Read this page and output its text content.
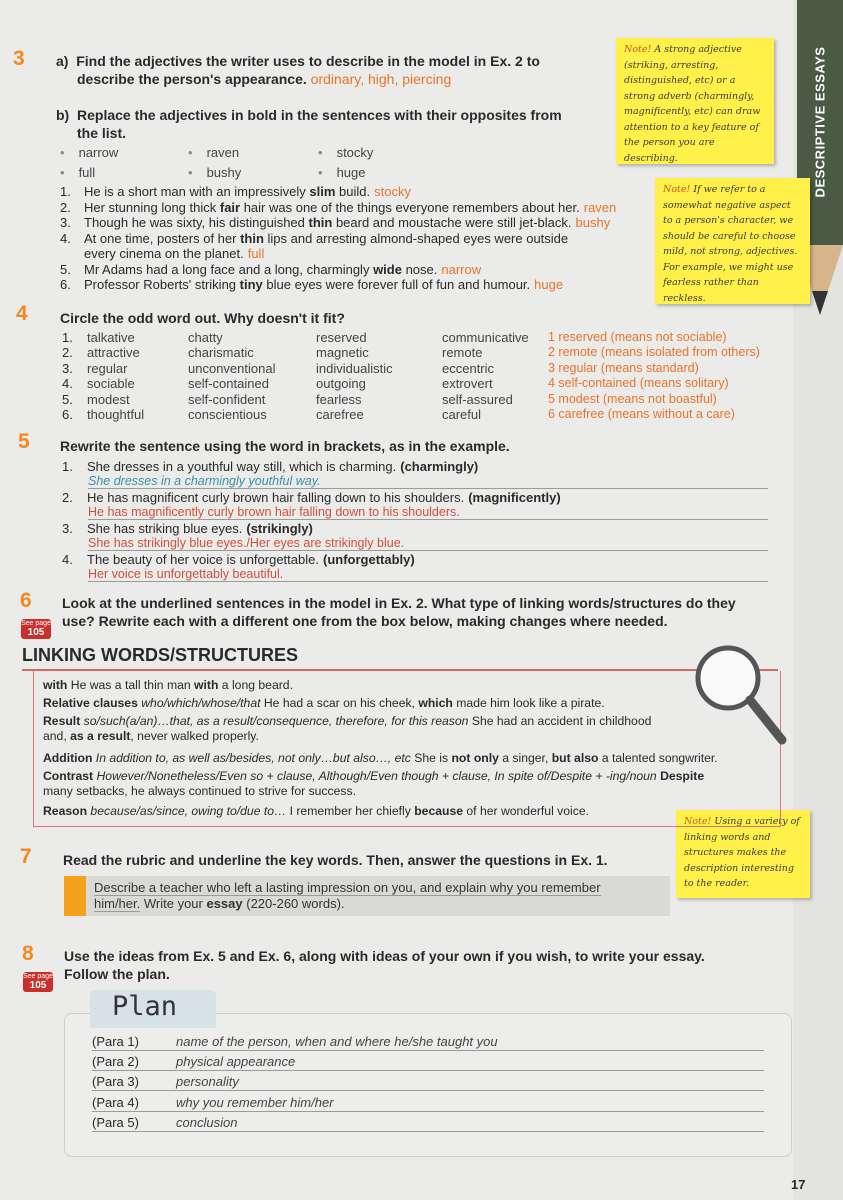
DESCRIPTIVE ESSAYS
Note! A strong adjective (striking, arresting, distinguished, etc) or a strong adverb (charmingly, magnificently, etc) can draw attention to a key feature of the person you are describing.
Note! If we refer to a somewhat negative aspect to a person's character, we should be careful to choose mild, not strong, adjectives. For example, we might use fearless rather than reckless.
Note! Using a variety of linking words and structures makes the description interesting to the reader.
3 a) Find the adjectives the writer uses to describe in the model in Ex. 2 to
describe the person's appearance. ordinary, high, piercing
b) Replace the adjectives in bold in the sentences with their opposites from
the list.
• narrow	• raven	• stocky
• full	• bushy	• huge
1. He is a short man with an impressively slim build. stocky
2. Her stunning long thick fair hair was one of the things everyone remembers about her. raven
3. Though he was sixty, his distinguished thin beard and moustache were still jet-black. bushy
4. At one time, posters of her thin lips and arresting almond-shaped eyes were outside
every cinema on the planet. full
5. Mr Adams had a long face and a long, charmingly wide nose. narrow
6. Professor Roberts' striking tiny blue eyes were forever full of fun and humour. huge
4 Circle the odd word out. Why doesn't it fit?
1. talkative	chatty	reserved	communicative 1 reserved (means not sociable)
2. attractive	charismatic	magnetic	remote	2 remote (means isolated from others)
3. regular	unconventional	individualistic	eccentric	3 regular (means standard)
4. sociable	self-contained	outgoing	extrovert	4 self-contained (means solitary)
5. modest	self-confident	fearless	self-assured	5 modest (means not boastful)
6. thoughtful	conscientious	carefree	careful	6 carefree (means without a care)
5 Rewrite the sentence using the word in brackets, as in the example.
1. She dresses in a youthful way still, which is charming. (charmingly)
She dresses in a charmingly youthful way.
2. He has magnificent curly brown hair falling down to his shoulders. (magnificently)
He has magnificently curly brown hair falling down to his shoulders.
3. She has striking blue eyes. (strikingly)
She has strikingly blue eyes./Her eyes are strikingly blue.
4. The beauty of her voice is unforgettable. (unforgettably)
Her voice is unforgettably beautiful.
6
See page
105
Look at the underlined sentences in the model in Ex. 2. What type of linking words/structures do they
use? Rewrite each with a different one from the box below, making changes where needed.
LINKING WORDS/STRUCTURES
with He was a tall thin man with a long beard.
Relative clauses who/which/whose/that He had a scar on his cheek, which made him look like a pirate.
Result so/such(a/an)…that, as a result/consequence, therefore, for this reason She had an accident in childhood
and, as a result, never walked properly.
Addition In addition to, as well as/besides, not only…but also…, etc She is not only a singer, but also a talented songwriter.
Contrast However/Nonetheless/Even so + clause, Although/Even though + clause, In spite of/Despite + -ing/noun Despite
many setbacks, he always continued to strive for success.
Reason because/as/since, owing to/due to… I remember her chiefly because of her wonderful voice.
7 Read the rubric and underline the key words. Then, answer the questions in Ex. 1.
Describe a teacher who left a lasting impression on you, and explain why you remember
him/her. Write your essay (220-260 words).
8
See page
105
Use the ideas from Ex. 5 and Ex. 6, along with ideas of your own if you wish, to write your essay.
Follow the plan.
Plan
(Para 1)	name of the person, when and where he/she taught you
(Para 2)	physical appearance
(Para 3)	personality
(Para 4)	why you remember him/her
(Para 5)	conclusion
17
